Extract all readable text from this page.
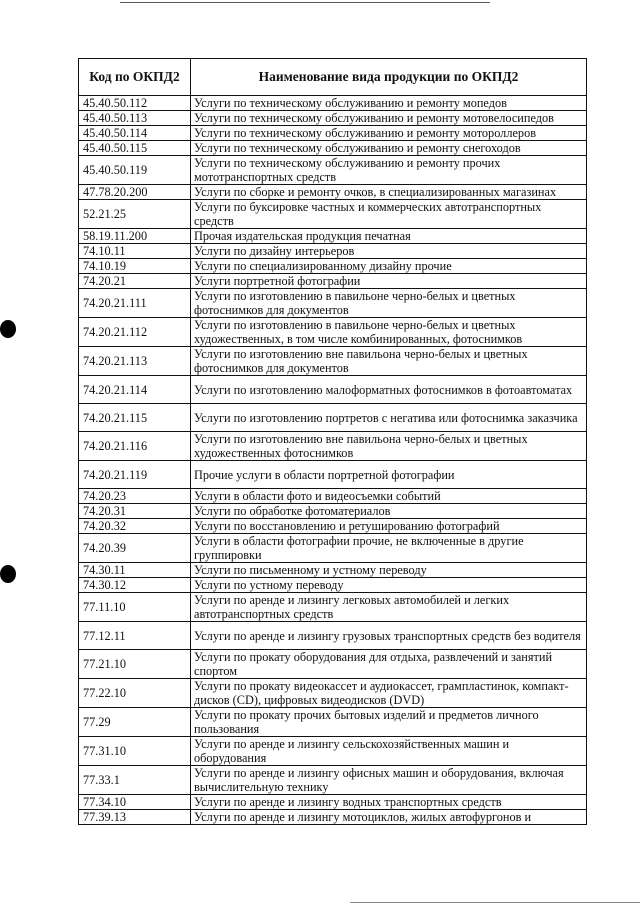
Код по ОКПД2	Наименование вида продукции по ОКПД2
45.40.50.112	Услуги по техническому обслуживанию и ремонту мопедов
45.40.50.113	Услуги по техническому обслуживанию и ремонту мотовелосипедов
45.40.50.114	Услуги по техническому обслуживанию и ремонту мотороллеров
45.40.50.115	Услуги по техническому обслуживанию и ремонту снегоходов
45.40.50.119	Услуги по техническому обслуживанию и ремонту прочих мототранспортных средств
47.78.20.200	Услуги по сборке и ремонту очков, в специализированных магазинах
52.21.25	Услуги по буксировке частных и коммерческих автотранспортных средств
58.19.11.200	Прочая издательская продукция печатная
74.10.11	Услуги по дизайну интерьеров
74.10.19	Услуги по специализированному дизайну прочие
74.20.21	Услуги портретной фотографии
74.20.21.111	Услуги по изготовлению в павильоне черно-белых и цветных фотоснимков для документов
74.20.21.112	Услуги по изготовлению в павильоне черно-белых и цветных художественных, в том числе комбинированных, фотоснимков
74.20.21.113	Услуги по изготовлению вне павильона черно-белых и цветных фотоснимков для документов
74.20.21.114	Услуги по изготовлению малоформатных фотоснимков в фотоавтоматах
74.20.21.115	Услуги по изготовлению портретов с негатива или фотоснимка заказчика
74.20.21.116	Услуги по изготовлению вне павильона черно-белых и цветных художественных фотоснимков
74.20.21.119	Прочие услуги в области портретной фотографии
74.20.23	Услуги в области фото и видеосъемки событий
74.20.31	Услуги по обработке фотоматериалов
74.20.32	Услуги по восстановлению и ретушированию фотографий
74.20.39	Услуги в области фотографии прочие, не включенные в другие группировки
74.30.11	Услуги по письменному и устному переводу
74.30.12	Услуги по устному переводу
77.11.10	Услуги по аренде и лизингу легковых автомобилей и легких автотранспортных средств
77.12.11	Услуги по аренде и лизингу грузовых транспортных средств без водителя
77.21.10	Услуги по прокату оборудования для отдыха, развлечений и занятий спортом
77.22.10	Услуги по прокату видеокассет и аудиокассет, грампластинок, компакт-дисков (CD), цифровых видеодисков (DVD)
77.29	Услуги по прокату прочих бытовых изделий и предметов личного пользования
77.31.10	Услуги по аренде и лизингу сельскохозяйственных машин и оборудования
77.33.1	Услуги по аренде и лизингу офисных машин и оборудования, включая вычислительную технику
77.34.10	Услуги по аренде и лизингу водных транспортных средств
77.39.13	Услуги по аренде и лизингу мотоциклов, жилых автофургонов и
